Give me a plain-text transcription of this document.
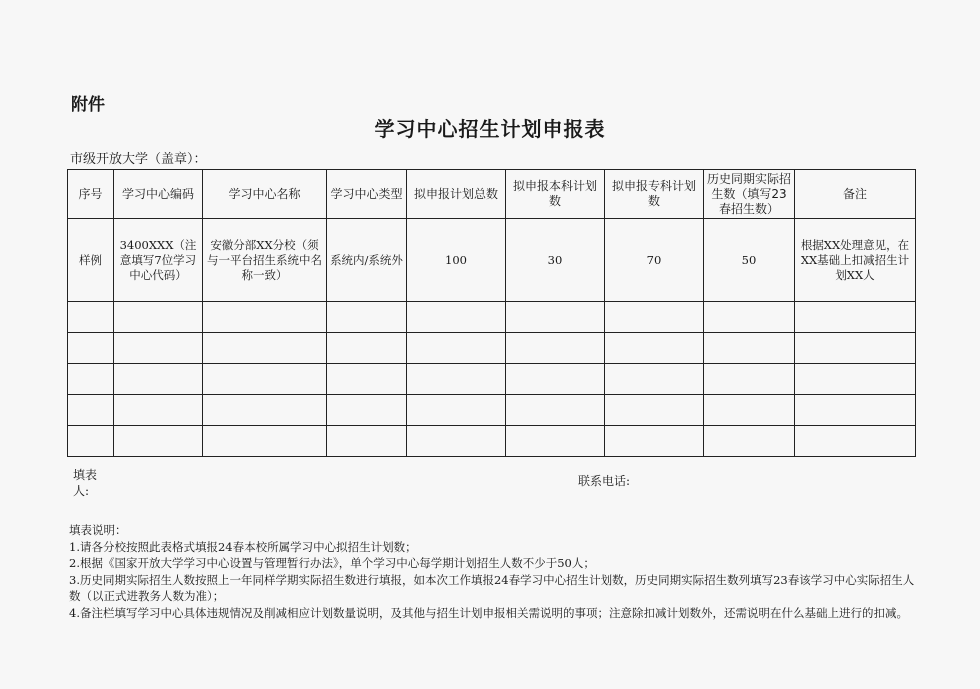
附件
学习中心招生计划申报表
市级开放大学（盖章）：
序号	学习中心编码	学习中心名称	学习中心类型	拟申报计划总数	拟申报本科计划数	拟申报专科计划数	历史同期实际招生数（填写23春招生数）	备注
样例	3400XXX（注意填写7位学习中心代码）	安徽分部XX分校（须与一平台招生系统中名称一致）	系统内/系统外	100	30	70	50	根据XX处理意见，在XX基础上扣减招生计划XX人

填表人:
联系电话:

填表说明：

1.请各分校按照此表格式填报24春本校所属学习中心拟招生计划数；

2.根据《国家开放大学学习中心设置与管理暂行办法》，单个学习中心每学期计划招生人数不少于50人；

3.历史同期实际招生人数按照上一年同样学期实际招生数进行填报，如本次工作填报24春学习中心招生计划数，历史同期实际招生数列填写23春该学习中心实际招生人数（以正式进教务人数为准）；

4.备注栏填写学习中心具体违规情况及削减相应计划数量说明，及其他与招生计划申报相关需说明的事项；注意除扣减计划数外，还需说明在什么基础上进行的扣减。
